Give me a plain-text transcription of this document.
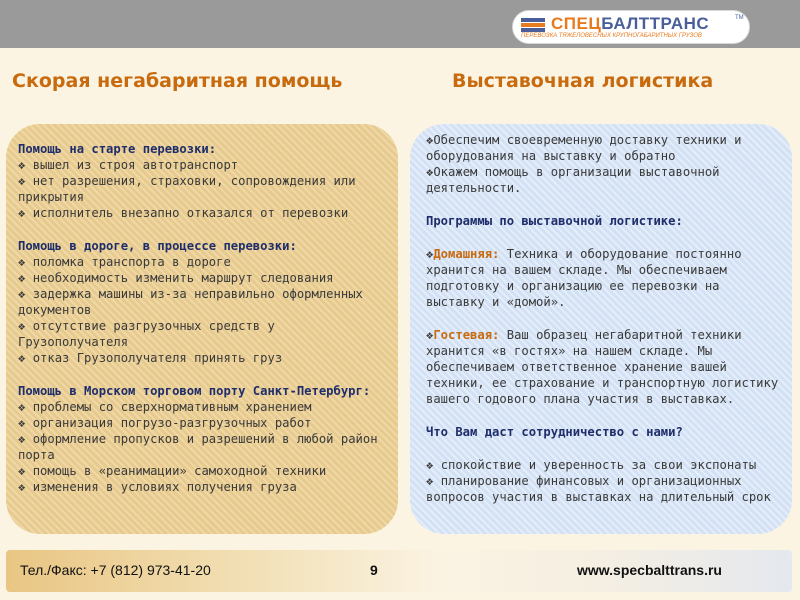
СПЕЦБАЛТТРАНС	TM
ПЕРЕВОЗКА ТЯЖЕЛОВЕСНЫХ КРУПНОГАБАРИТНЫХ ГРУЗОВ
Скорая негабаритная помощь	Выставочная логистика
Помощь на старте перевозки:
❖ вышел из строя автотранспорт
❖ нет разрешения, страховки, сопровождения или прикрытия
❖ исполнитель внезапно отказался от перевозки
Помощь в дороге, в процессе перевозки:
❖ поломка транспорта в дороге
❖ необходимость изменить маршрут следования
❖ задержка машины из-за неправильно оформленных документов
❖ отсутствие разгрузочных средств у Грузополучателя
❖ отказ Грузополучателя принять груз
Помощь в Морском торговом порту Санкт-Петербург:
❖ проблемы со сверхнормативным хранением
❖ организация погрузо-разгрузочных работ
❖ оформление пропусков и разрешений в любой район порта
❖ помощь в «реанимации» самоходной техники
❖ изменения в условиях получения груза
❖Обеспечим своевременную доставку техники и оборудования на выставку и обратно
❖Окажем помощь в организации выставочной деятельности.
Программы по выставочной логистике:
❖Домашняя: Техника и оборудование постоянно хранится на вашем складе. Мы обеспечиваем подготовку и организацию ее перевозки на выставку и «домой».
❖Гостевая: Ваш образец негабаритной техники хранится «в гостях» на нашем складе. Мы обеспечиваем ответственное хранение вашей техники, ее страхование и транспортную логистику вашего годового плана участия в выставках.
Что Вам даст сотрудничество с нами?
❖ спокойствие и уверенность за свои экспонаты
❖ планирование финансовых и организационных вопросов участия в выставках на длительный срок
Тел./Факс: +7 (812) 973-41-20	9	www.specbalttrans.ru
